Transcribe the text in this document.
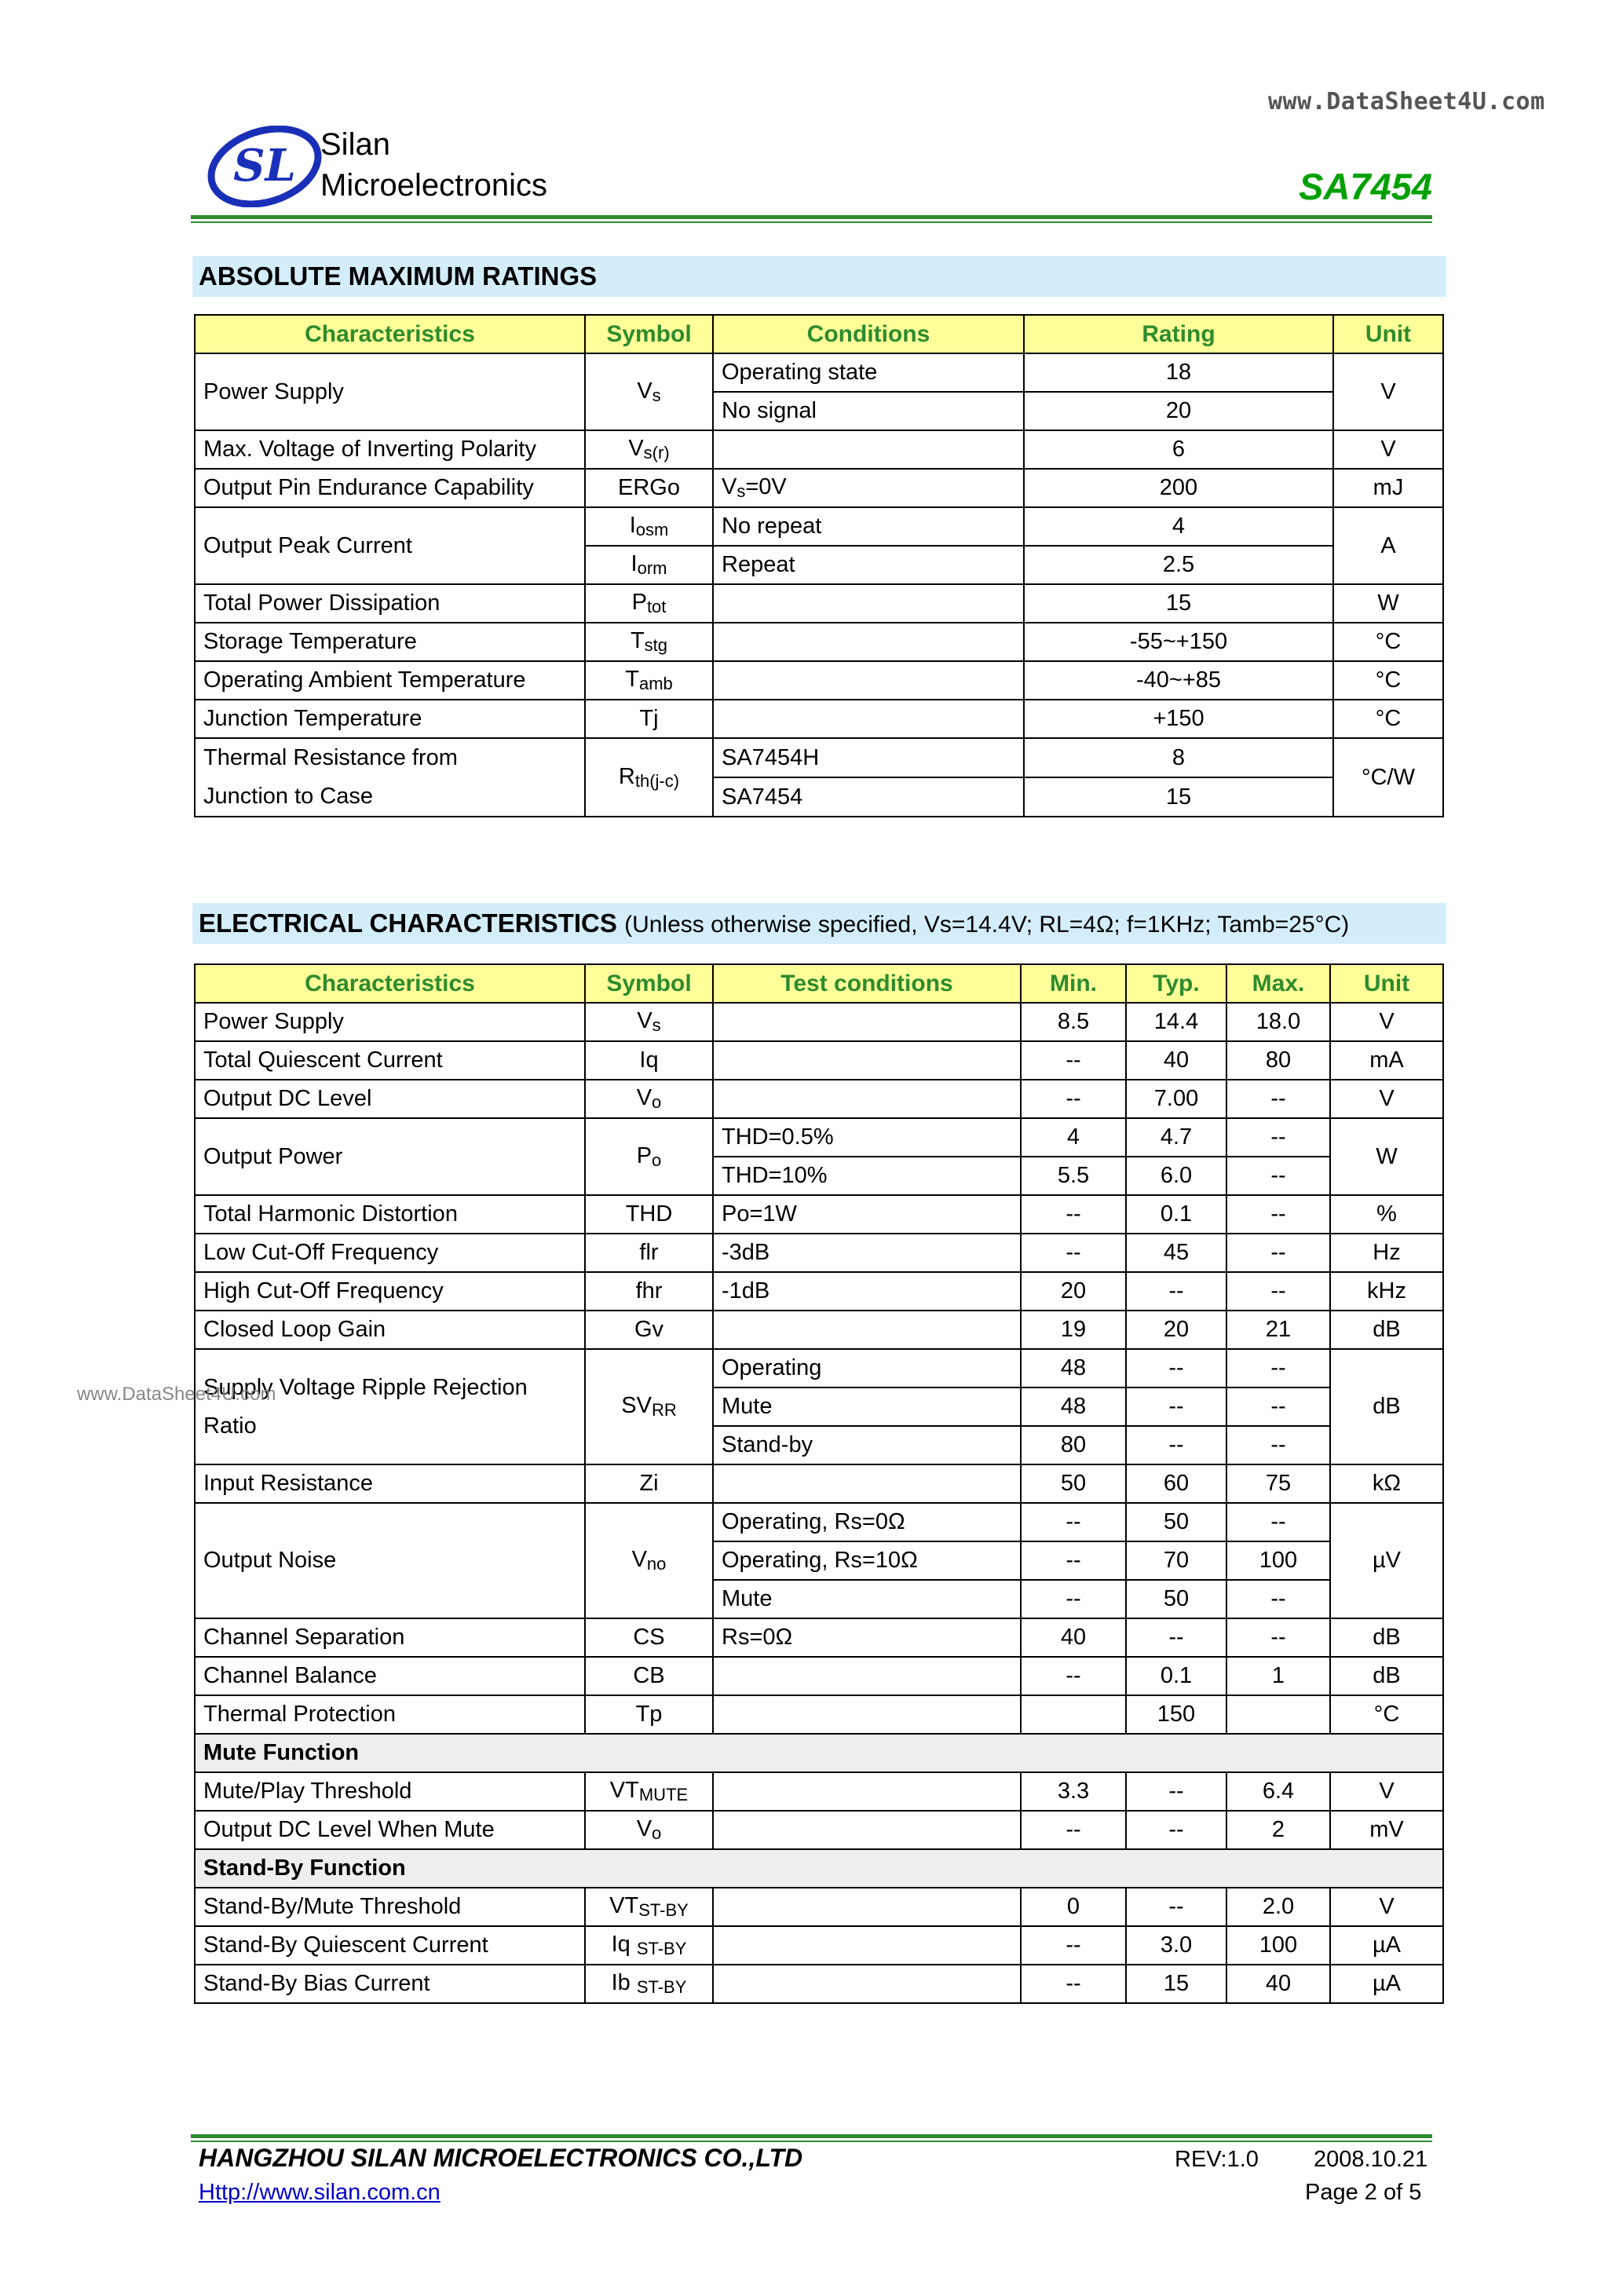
www.DataSheet4U.com
SL Silan
Microelectronics	SA7454
ABSOLUTE MAXIMUM RATINGS
Characteristics	Symbol	Conditions	Rating	Unit
Power Supply	$V_s$	Operating state	18	V
		No signal	20	
Max. Voltage of Inverting Polarity	$V_{s(r)}$		6	V
Output Pin Endurance Capability	ERGo	$V_s=0V$	200	mJ
Output Peak Current	$I_{osm}$	No repeat	4	A
	$I_{orm}$	Repeat	2.5	
Total Power Dissipation	$P_{tot}$		15	W
Storage Temperature	$T_{stg}$		-55~+150	°C
Operating Ambient Temperature	$T_{amb}$		-40~+85	°C
Junction Temperature	Tj		+150	°C

Thermal Resistance from
Junction to Case	$R_{th(j-c)}$	SA7454H	8	°C/W
		SA7454	15	
ELECTRICAL CHARACTERISTICS (Unless otherwise specified, Vs=14.4V; RL=4Ω; f=1KHz; Tamb=25°C)
Characteristics	Symbol	Test conditions	Min.	Typ.	Max.	Unit
Power Supply	$V_s$		8.5	14.4	18.0	V
Total Quiescent Current	Iq		--	40	80	mA
Output DC Level	$V_o$		--	7.00	--	V
Output Power	$P_o$	THD=0.5%	4	4.7	--	W
		THD=10%	5.5	6.0	--	
Total Harmonic Distortion	THD	Po=1W	--	0.1	--	%
Low Cut-Off Frequency	flr	-3dB	--	45	--	Hz
High Cut-Off Frequency	fhr	-1dB	20	--	--	kHz
Closed Loop Gain	Gv		19	20	21	dB

Supply Voltage Ripple Rejection
Ratio	$SV_{RR}$	Operating	48	--	--	dB
		Mute	48	--	--	
		Stand-by	80	--	--	
Input Resistance	Zi		50	60	75	kΩ
Output Noise	$V_{no}$	Operating, Rs=0Ω	--	50	--	µV
		Operating, Rs=10Ω	--	70	100	
		Mute	--	50	--	
Channel Separation	CS	Rs=0Ω	40	--	--	dB
Channel Balance	CB		--	0.1	1	dB
Thermal Protection	Tp			150		°C
Mute Function						
Mute/Play Threshold	$VT_{MUTE}$		3.3	--	6.4	V
Output DC Level When Mute	$V_o$		--	--	2	mV
Stand-By Function						
Stand-By/Mute Threshold	$VT_{ST-BY}$		0	--	2.0	V
Stand-By Quiescent Current	Iq $_{ST-BY}$		--	3.0	100	µA
Stand-By Bias Current	Ib $_{ST-BY}$		--	15	40	µA
www.DataSheet4U.com
HANGZHOU SILAN MICROELECTRONICS CO.,LTD
Http://www.silan.com.cn
REV:1.0 2008.10.21
Page 2 of 5
